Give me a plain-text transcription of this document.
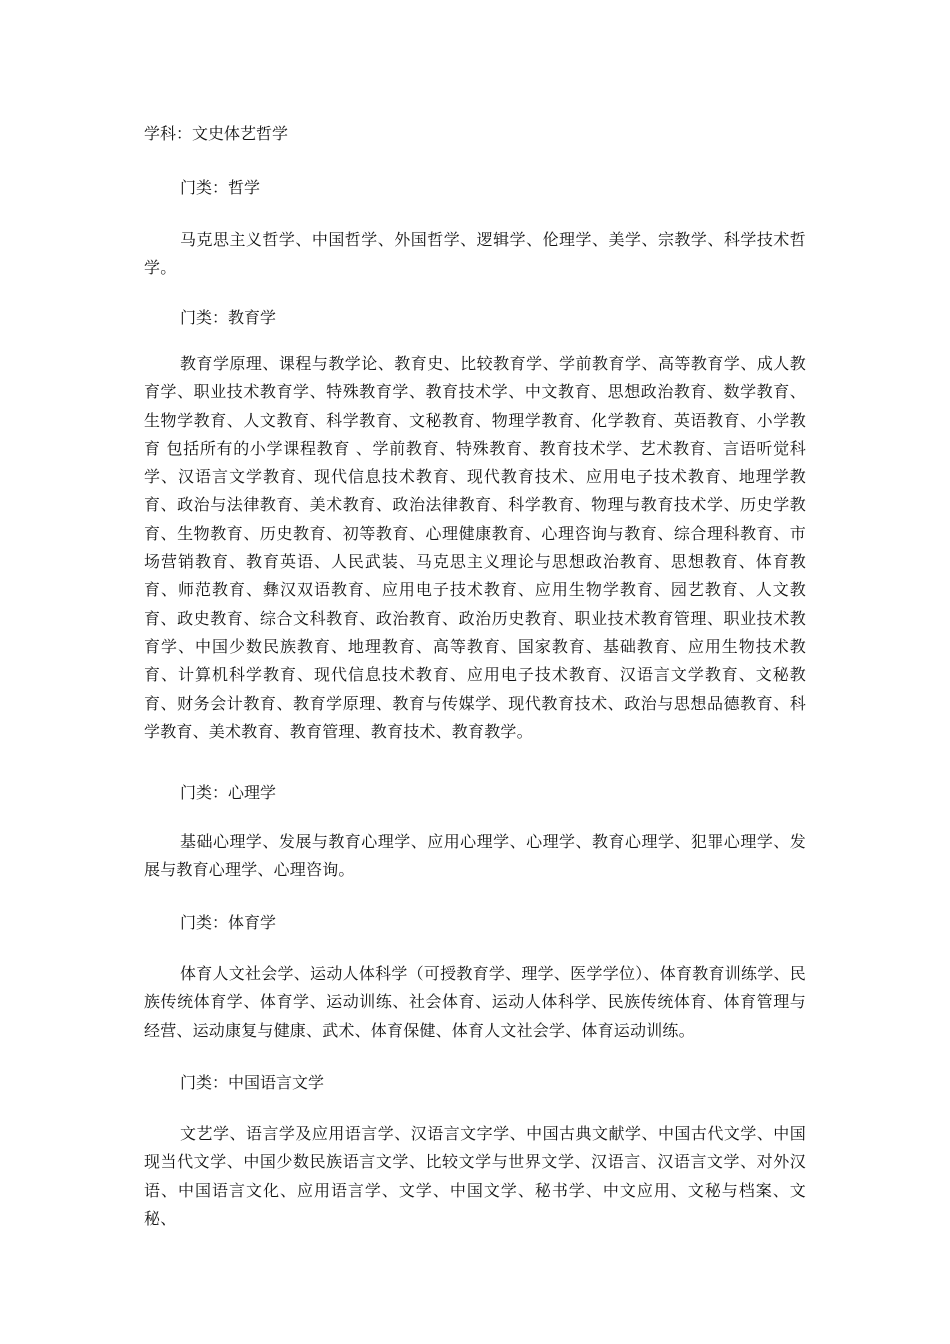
学科：文史体艺哲学

门类：哲学

马克思主义哲学、中国哲学、外国哲学、逻辑学、伦理学、美学、宗教学、科学技术哲学。

门类：教育学

教育学原理、课程与教学论、教育史、比较教育学、学前教育学、高等教育学、成人教育学、职业技术教育学、特殊教育学、教育技术学、中文教育、思想政治教育、数学教育、生物学教育、人文教育、科学教育、文秘教育、物理学教育、化学教育、英语教育、小学教育 包括所有的小学课程教育 、学前教育、特殊教育、教育技术学、艺术教育、言语听觉科学、汉语言文学教育、现代信息技术教育、现代教育技术、应用电子技术教育、地理学教育、政治与法律教育、美术教育、政治法律教育、科学教育、物理与教育技术学、历史学教育、生物教育、历史教育、初等教育、心理健康教育、心理咨询与教育、综合理科教育、市场营销教育、教育英语、人民武装、马克思主义理论与思想政治教育、思想教育、体育教育、师范教育、彝汉双语教育、应用电子技术教育、应用生物学教育、园艺教育、人文教育、政史教育、综合文科教育、政治教育、政治历史教育、职业技术教育管理、职业技术教育学、中国少数民族教育、地理教育、高等教育、国家教育、基础教育、应用生物技术教育、计算机科学教育、现代信息技术教育、应用电子技术教育、汉语言文学教育、文秘教育、财务会计教育、教育学原理、教育与传媒学、现代教育技术、政治与思想品德教育、科学教育、美术教育、教育管理、教育技术、教育教学。

门类：心理学

基础心理学、发展与教育心理学、应用心理学、心理学、教育心理学、犯罪心理学、发展与教育心理学、心理咨询。

门类：体育学

体育人文社会学、运动人体科学（可授教育学、理学、医学学位）、体育教育训练学、民族传统体育学、体育学、运动训练、社会体育、运动人体科学、民族传统体育、体育管理与经营、运动康复与健康、武术、体育保健、体育人文社会学、体育运动训练。

门类：中国语言文学

文艺学、语言学及应用语言学、汉语言文字学、中国古典文献学、中国古代文学、中国现当代文学、中国少数民族语言文学、比较文学与世界文学、汉语言、汉语言文学、对外汉语、中国语言文化、应用语言学、文学、中国文学、秘书学、中文应用、文秘与档案、文秘、
